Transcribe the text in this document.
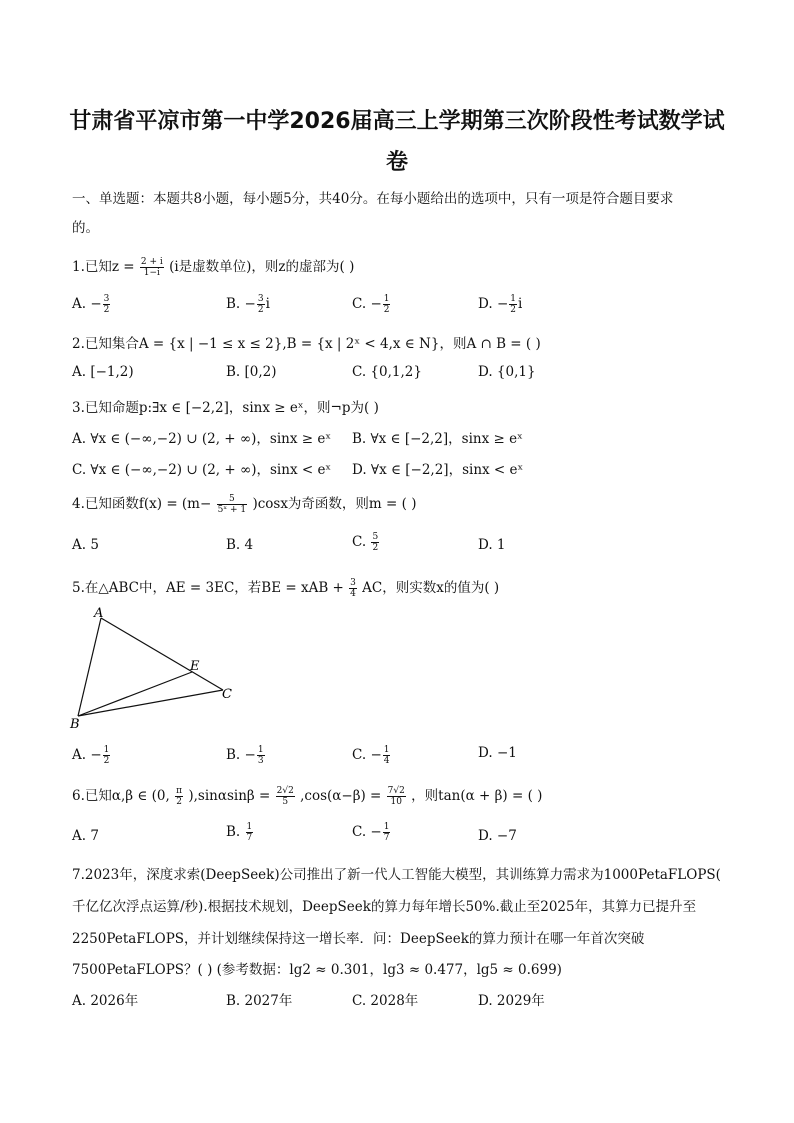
甘肃省平凉市第一中学2026届高三上学期第三次阶段性考试数学试
卷
一、单选题：本题共8小题，每小题5分，共40分。在每小题给出的选项中，只有一项是符合题目要求
的。
1.已知$z = \frac{2 + i}{1-i} (i$是虚数单位)，则z的虚部为( )
A. − $\frac{3}{2}$	B. − $\frac{3}{2}$ i	C. − $\frac{1}{2}$	D. − $\frac{1}{2}$ i
2.已知集合A = {x | −1 ≤ x ≤ 2},B = {x | 2ˣ < 4,x ∈ N}，则A ∩ B = ( )
A. [−1,2)	B. [0,2)	C. {0,1,2}	D. {0,1}
3.已知命题p:∃x ∈ [−2,2]，sinx ≥ eˣ，则¬p为( )
A. ∀x ∈ (−∞,−2) ∪ (2, + ∞)，sinx ≥ eˣ B. ∀x ∈ [−2,2]，sinx ≥ eˣ
C. ∀x ∈ (−∞,−2) ∪ (2, + ∞)，sinx < eˣ D. ∀x ∈ [−2,2]，sinx < eˣ
4.已知函数$f(x) = (m- \frac{5}{\text{5ˣ + 1}} )\cos x$为奇函数，则m = ( )
A. 5	B. 4	C. $\frac{5}{2}$	D. 1
5.在△ABC中，AE = 3EC，若BE = xAB + $\frac{3}{4}$ AC，则实数x的值为( )
A
B
C
E
A. − $\frac{1}{2}$	B. − $\frac{1}{3}$	C. − $\frac{1}{4}$	D. −1
6.已知α,β ∈ (0, $\frac{\pi}{2} ),\sin\alpha\sin\beta = \frac{2√2}{5} ,\cos(\alpha-\beta) = \frac{7√2}{10}$ ，则tan(α + β) = ( )
A. 7	B. $\frac{1}{7}$	C. − $\frac{1}{7}$	D. −7
7.2023年，深度求索(DeepSeek)公司推出了新一代人工智能大模型，其训练算力需求为1000PetaFLOPS(
千亿亿次浮点运算/秒).根据技术规划，DeepSeek的算力每年增长50%.截止至2025年，其算力已提升至
2250PetaFLOPS，并计划继续保持这一增长率．问：DeepSeek的算力预计在哪一年首次突破
7500PetaFLOPS？( ) (参考数据：lg2 ≈ 0.301，lg3 ≈ 0.477，lg5 ≈ 0.699)
A. 2026年	B. 2027年	C. 2028年	D. 2029年
